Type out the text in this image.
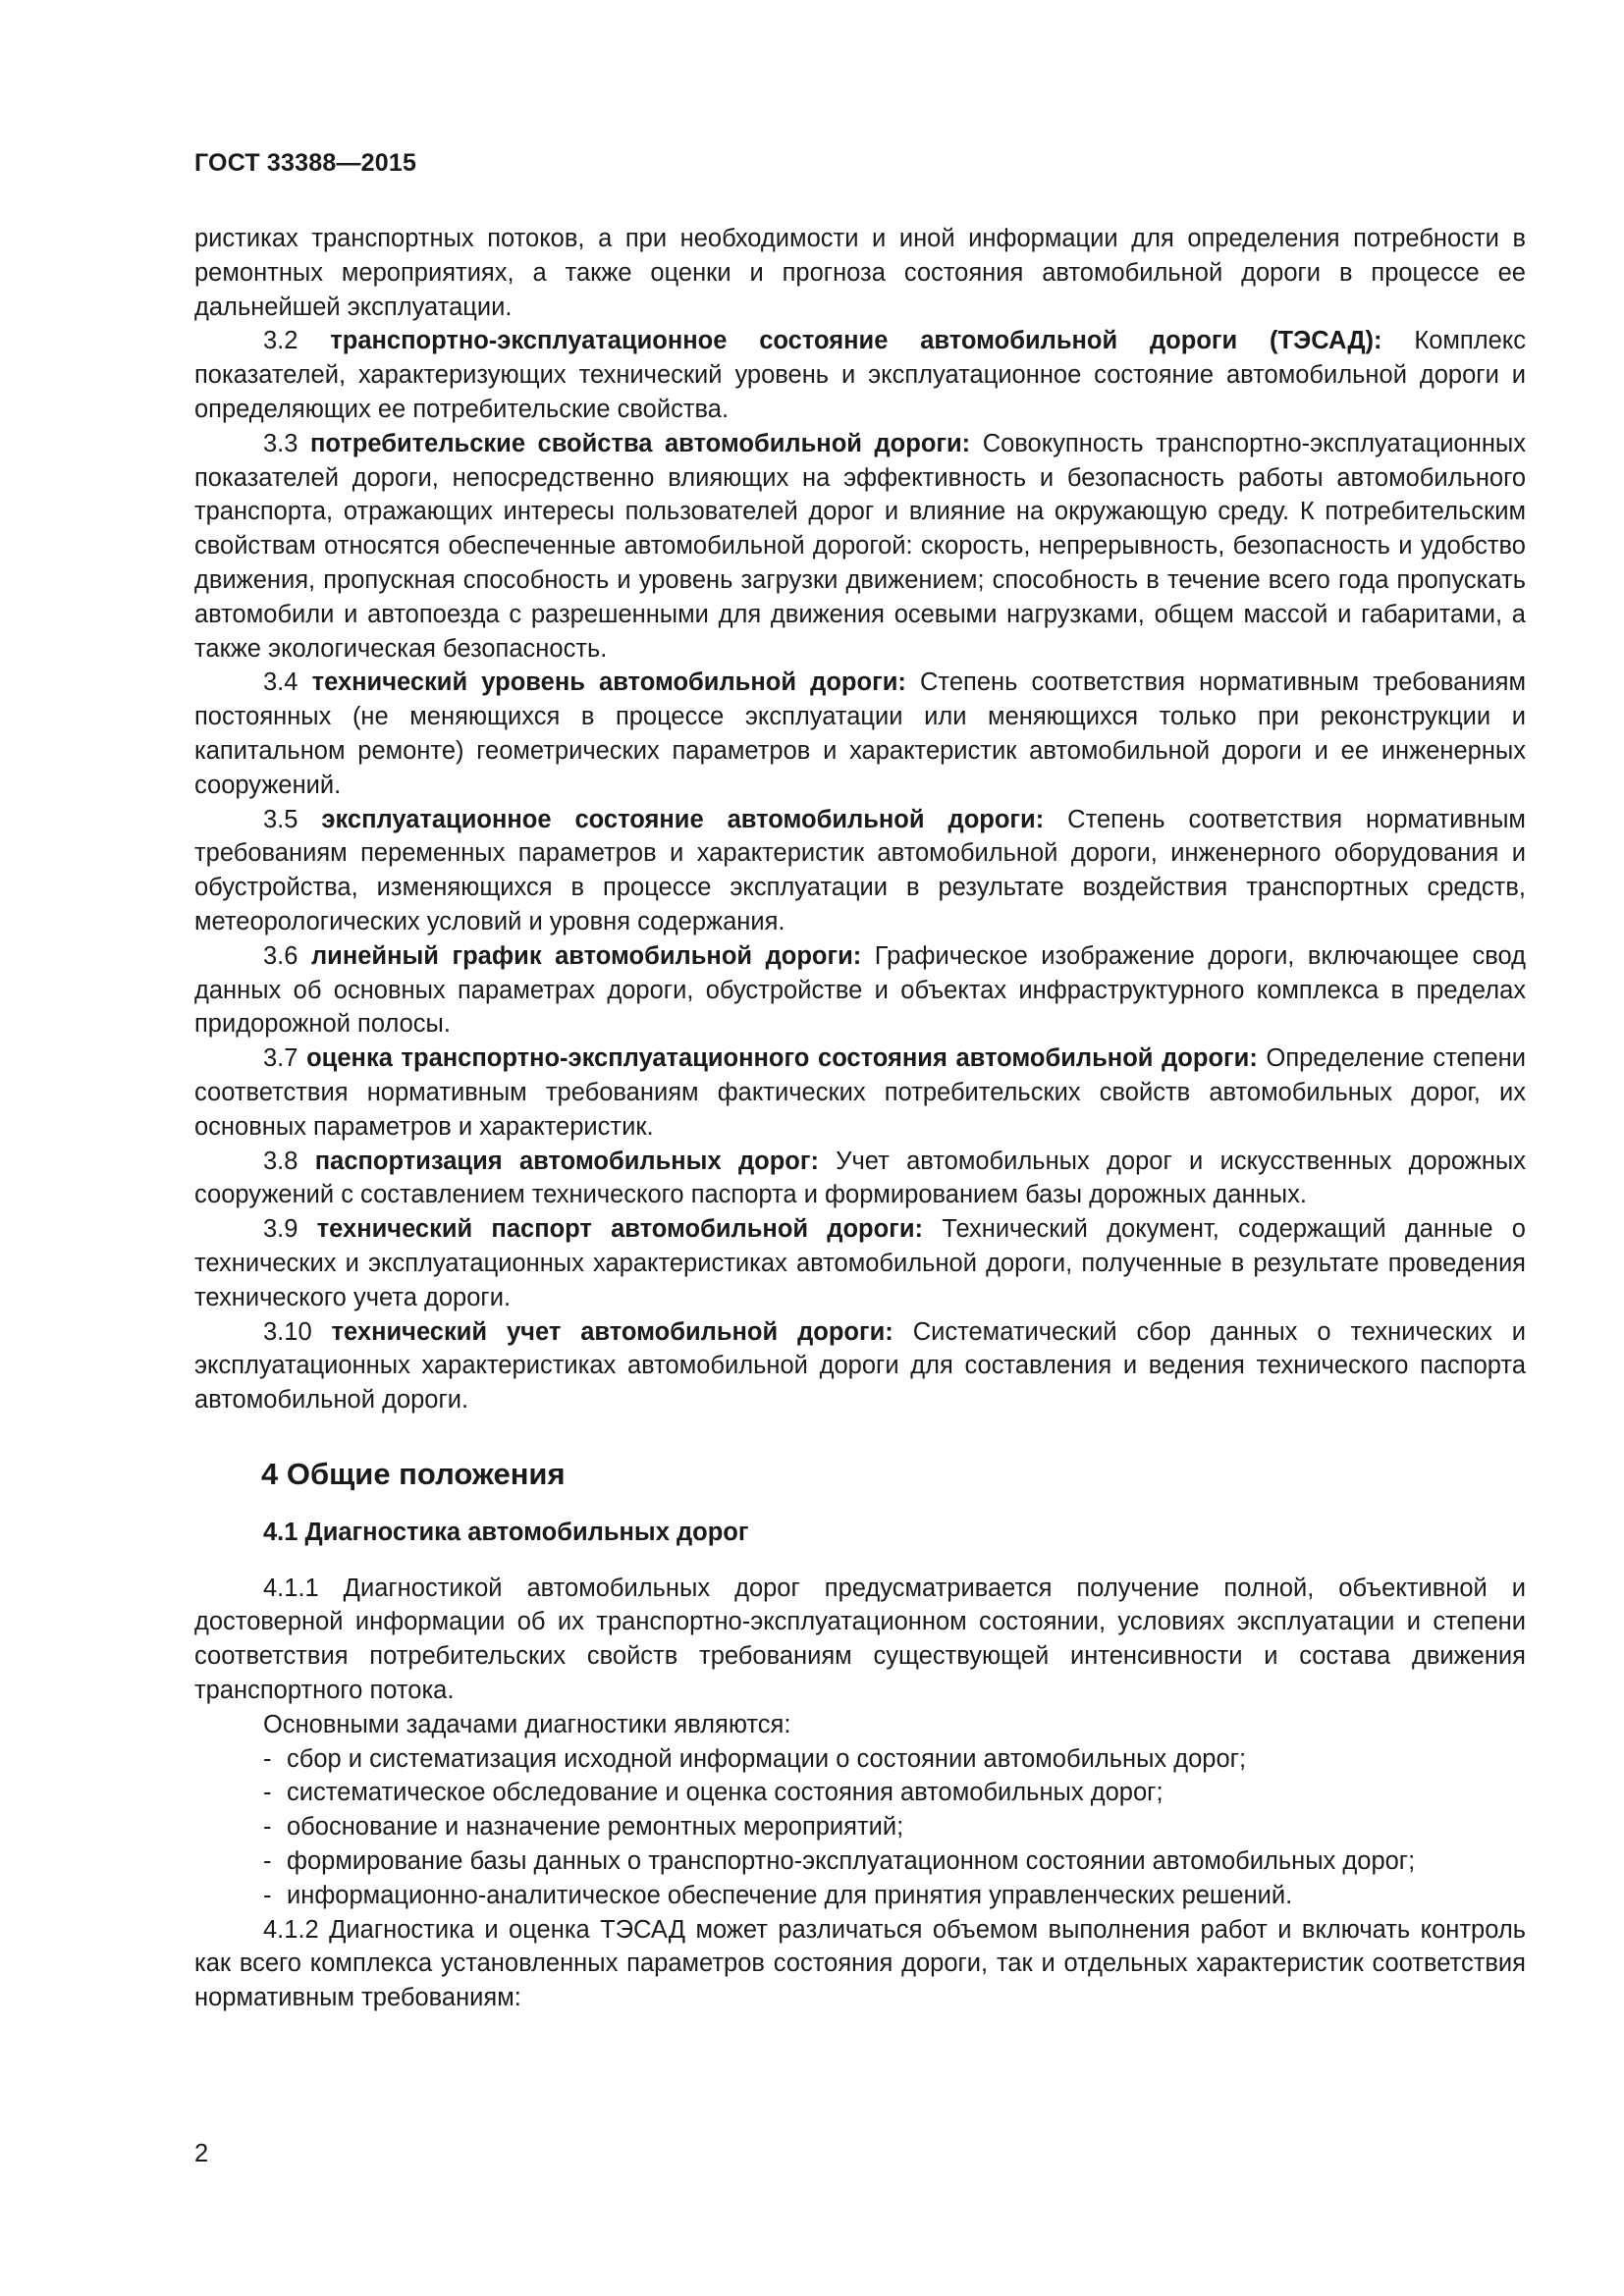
ГОСТ 33388—2015

ристиках транспортных потоков, а при необходимости и иной информации для определения потребности в ремонтных мероприятиях, а также оценки и прогноза состояния автомобильной дороги в процессе ее дальнейшей эксплуатации.

3.2 транспортно-эксплуатационное состояние автомобильной дороги (ТЭСАД): Комплекс показателей, характеризующих технический уровень и эксплуатационное состояние автомобильной дороги и определяющих ее потребительские свойства.

3.3 потребительские свойства автомобильной дороги: Совокупность транспортно-эксплуатационных показателей дороги, непосредственно влияющих на эффективность и безопасность работы автомобильного транспорта, отражающих интересы пользователей дорог и влияние на окружающую среду. К потребительским свойствам относятся обеспеченные автомобильной дорогой: скорость, непрерывность, безопасность и удобство движения, пропускная способность и уровень загрузки движением; способность в течение всего года пропускать автомобили и автопоезда с разрешенными для движения осевыми нагрузками, общем массой и габаритами, а также экологическая безопасность.

3.4 технический уровень автомобильной дороги: Степень соответствия нормативным требованиям постоянных (не меняющихся в процессе эксплуатации или меняющихся только при реконструкции и капитальном ремонте) геометрических параметров и характеристик автомобильной дороги и ее инженерных сооружений.

3.5 эксплуатационное состояние автомобильной дороги: Степень соответствия нормативным требованиям переменных параметров и характеристик автомобильной дороги, инженерного оборудования и обустройства, изменяющихся в процессе эксплуатации в результате воздействия транспортных средств, метеорологических условий и уровня содержания.

3.6 линейный график автомобильной дороги: Графическое изображение дороги, включающее свод данных об основных параметрах дороги, обустройстве и объектах инфраструктурного комплекса в пределах придорожной полосы.

3.7 оценка транспортно-эксплуатационного состояния автомобильной дороги: Определение степени соответствия нормативным требованиям фактических потребительских свойств автомобильных дорог, их основных параметров и характеристик.

3.8 паспортизация автомобильных дорог: Учет автомобильных дорог и искусственных дорожных сооружений с составлением технического паспорта и формированием базы дорожных данных.

3.9 технический паспорт автомобильной дороги: Технический документ, содержащий данные о технических и эксплуатационных характеристиках автомобильной дороги, полученные в результате проведения технического учета дороги.

3.10 технический учет автомобильной дороги: Систематический сбор данных о технических и эксплуатационных характеристиках автомобильной дороги для составления и ведения технического паспорта автомобильной дороги.

4 Общие положения
4.1 Диагностика автомобильных дорог

4.1.1 Диагностикой автомобильных дорог предусматривается получение полной, объективной и достоверной информации об их транспортно-эксплуатационном состоянии, условиях эксплуатации и степени соответствия потребительских свойств требованиям существующей интенсивности и состава движения транспортного потока.

Основными задачами диагностики являются:

- сбор и систематизация исходной информации о состоянии автомобильных дорог;
- систематическое обследование и оценка состояния автомобильных дорог;
- обоснование и назначение ремонтных мероприятий;
- формирование базы данных о транспортно-эксплуатационном состоянии автомобильных дорог;
- информационно-аналитическое обеспечение для принятия управленческих решений.

4.1.2 Диагностика и оценка ТЭСАД может различаться объемом выполнения работ и включать контроль как всего комплекса установленных параметров состояния дороги, так и отдельных характеристик соответствия нормативным требованиям:

2
